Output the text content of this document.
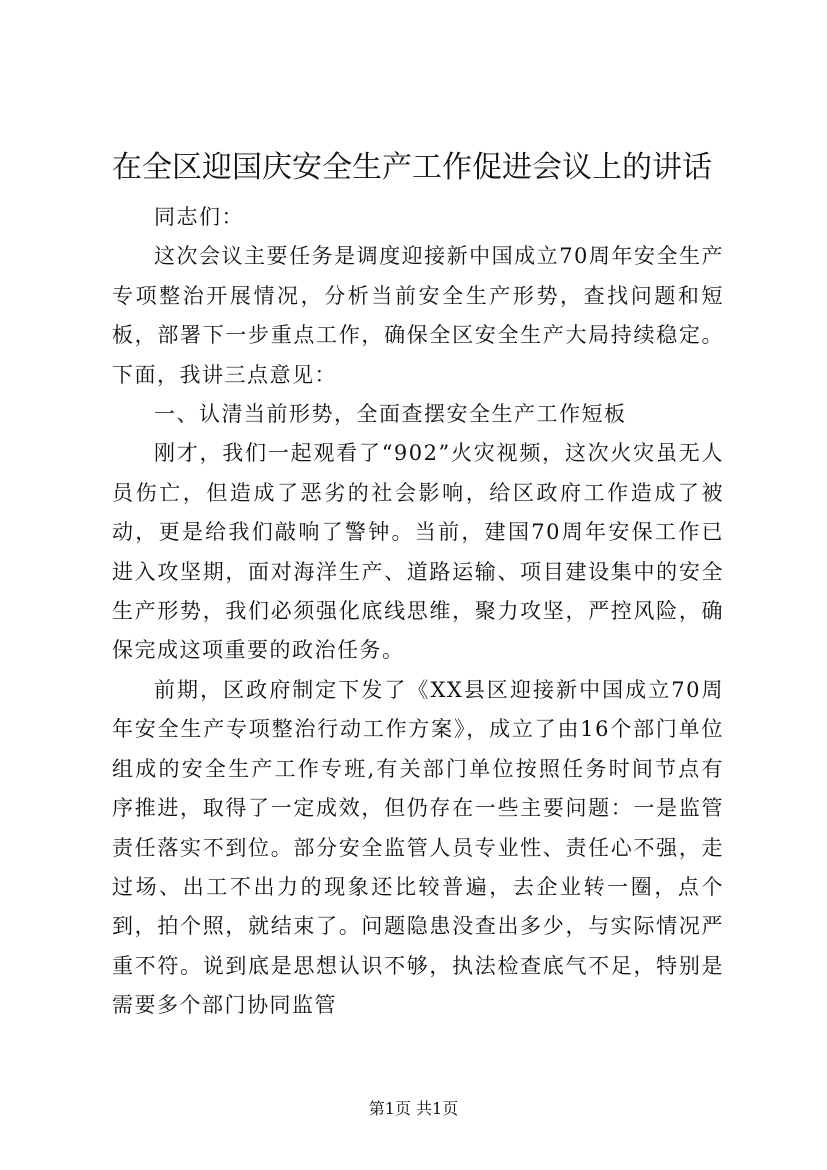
在全区迎国庆安全生产工作促进会议上的讲话

同志们：

这次会议主要任务是调度迎接新中国成立70周年安全生产专项整治开展情况，分析当前安全生产形势，查找问题和短板，部署下一步重点工作，确保全区安全生产大局持续稳定。下面，我讲三点意见：

一、认清当前形势，全面查摆安全生产工作短板

刚才，我们一起观看了“902”火灾视频，这次火灾虽无人员伤亡，但造成了恶劣的社会影响，给区政府工作造成了被动，更是给我们敲响了警钟。当前，建国70周年安保工作已进入攻坚期，面对海洋生产、道路运输、项目建设集中的安全生产形势，我们必须强化底线思维，聚力攻坚，严控风险，确保完成这项重要的政治任务。

前期，区政府制定下发了《XX县区迎接新中国成立70周年安全生产专项整治行动工作方案》，成立了由16个部门单位组成的安全生产工作专班,有关部门单位按照任务时间节点有序推进，取得了一定成效，但仍存在一些主要问题：一是监管责任落实不到位。部分安全监管人员专业性、责任心不强，走过场、出工不出力的现象还比较普遍，去企业转一圈，点个到，拍个照，就结束了。问题隐患没查出多少，与实际情况严重不符。说到底是思想认识不够，执法检查底气不足，特别是需要多个部门协同监管

第1页 共1页
